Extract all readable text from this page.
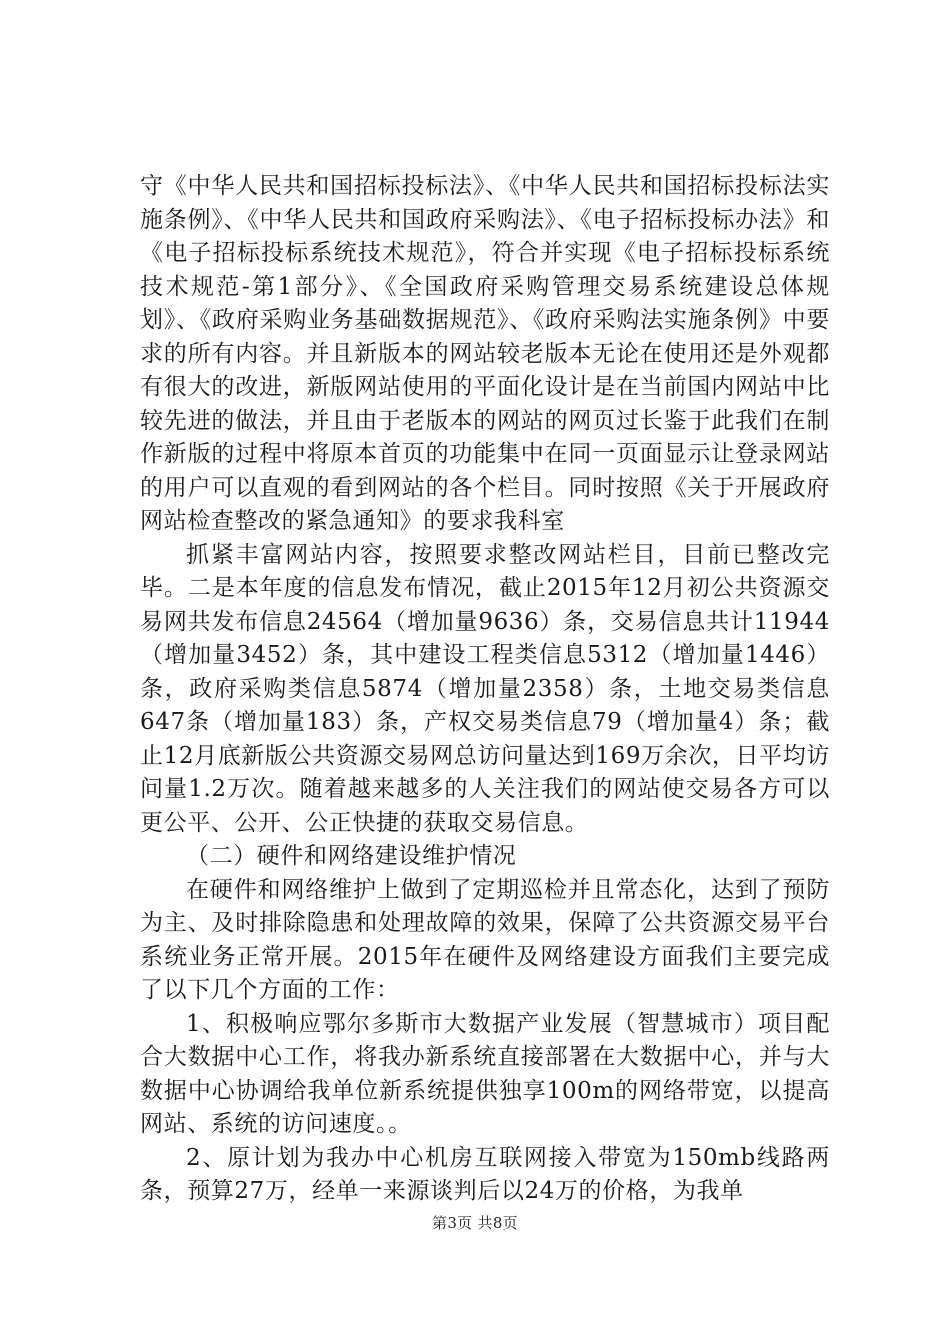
守《中华人民共和国招标投标法》、《中华人民共和国招标投标法实施条例》、《中华人民共和国政府采购法》、《电子招标投标办法》和《电子招标投标系统技术规范》，符合并实现《电子招标投标系统技术规范-第1部分》、《全国政府采购管理交易系统建设总体规划》、《政府采购业务基础数据规范》、《政府采购法实施条例》中要求的所有内容。并且新版本的网站较老版本无论在使用还是外观都有很大的改进，新版网站使用的平面化设计是在当前国内网站中比较先进的做法，并且由于老版本的网站的网页过长鉴于此我们在制作新版的过程中将原本首页的功能集中在同一页面显示让登录网站的用户可以直观的看到网站的各个栏目。同时按照《关于开展政府网站检查整改的紧急通知》的要求我科室

抓紧丰富网站内容，按照要求整改网站栏目，目前已整改完毕。二是本年度的信息发布情况，截止2015年12月初公共资源交易网共发布信息24564（增加量9636）条，交易信息共计11944（增加量3452）条，其中建设工程类信息5312（增加量1446）条，政府采购类信息5874（增加量2358）条，土地交易类信息647条（增加量183）条，产权交易类信息79（增加量4）条；截止12月底新版公共资源交易网总访问量达到169万余次，日平均访问量1.2万次。随着越来越多的人关注我们的网站使交易各方可以更公平、公开、公正快捷的获取交易信息。

（二）硬件和网络建设维护情况

在硬件和网络维护上做到了定期巡检并且常态化，达到了预防为主、及时排除隐患和处理故障的效果，保障了公共资源交易平台系统业务正常开展。2015年在硬件及网络建设方面我们主要完成了以下几个方面的工作：

1、积极响应鄂尔多斯市大数据产业发展（智慧城市）项目配合大数据中心工作，将我办新系统直接部署在大数据中心，并与大数据中心协调给我单位新系统提供独享100m的网络带宽，以提高网站、系统的访问速度。。

2、原计划为我办中心机房互联网接入带宽为150mb线路两条，预算27万，经单一来源谈判后以24万的价格，为我单

第3页 共8页
